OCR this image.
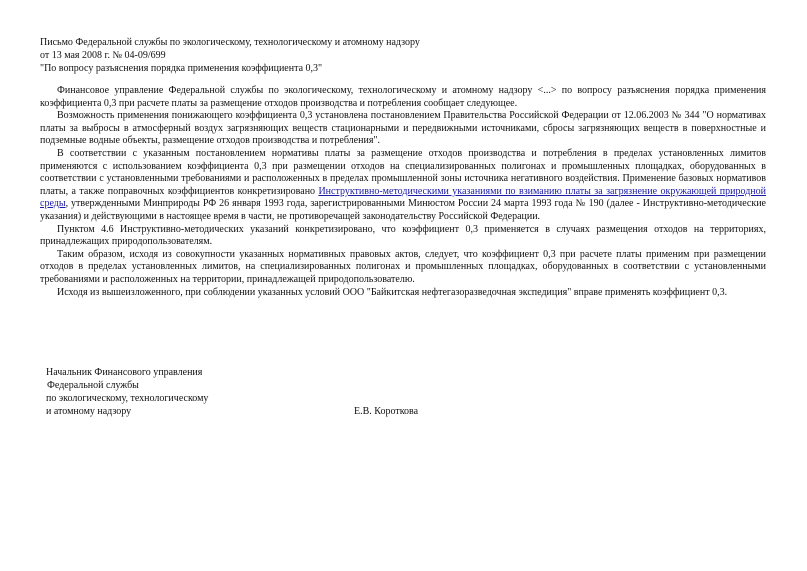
Письмо Федеральной службы по экологическому, технологическому и атомному надзору
от 13 мая 2008 г. № 04-09/699
"По вопросу разъяснения порядка применения коэффициента 0,3"

Финансовое управление Федеральной службы по экологическому, технологическому и атомному надзору <...> по вопросу разъяснения порядка применения коэффициента 0,3 при расчете платы за размещение отходов производства и потребления сообщает следующее.

Возможность применения понижающего коэффициента 0,3 установлена постановлением Правительства Российской Федерации от 12.06.2003 № 344 "О нормативах платы за выбросы в атмосферный воздух загрязняющих веществ стационарными и передвижными источниками, сбросы загрязняющих веществ в поверхностные и подземные водные объекты, размещение отходов производства и потребления".

В соответствии с указанным постановлением нормативы платы за размещение отходов производства и потребления в пределах установленных лимитов применяются с использованием коэффициента 0,3 при размещении отходов на специализированных полигонах и промышленных площадках, оборудованных в соответствии с установленными требованиями и расположенных в пределах промышленной зоны источника негативного воздействия. Применение базовых нормативов платы, а также поправочных коэффициентов конкретизировано Инструктивно-методическими указаниями по взиманию платы за загрязнение окружающей природной среды, утвержденными Минприроды РФ 26 января 1993 года, зарегистрированными Минюстом России 24 марта 1993 года № 190 (далее - Инструктивно-методические указания) и действующими в настоящее время в части, не противоречащей законодательству Российской Федерации.

Пунктом 4.6 Инструктивно-методических указаний конкретизировано, что коэффициент 0,3 применяется в случаях размещения отходов на территориях, принадлежащих природопользователям.

Таким образом, исходя из совокупности указанных нормативных правовых актов, следует, что коэффициент 0,3 при расчете платы применим при размещении отходов в пределах установленных лимитов, на специализированных полигонах и промышленных площадках, оборудованных в соответствии с установленными требованиями и расположенных на территории, принадлежащей природопользователю.

Исходя из вышеизложенного, при соблюдении указанных условий ООО "Байкитская нефтегазоразведочная экспедиция" вправе применять коэффициент 0,3.

Начальник Финансового управления
Федеральной службы
по экологическому, технологическому
и атомному надзору	Е.В. Короткова
